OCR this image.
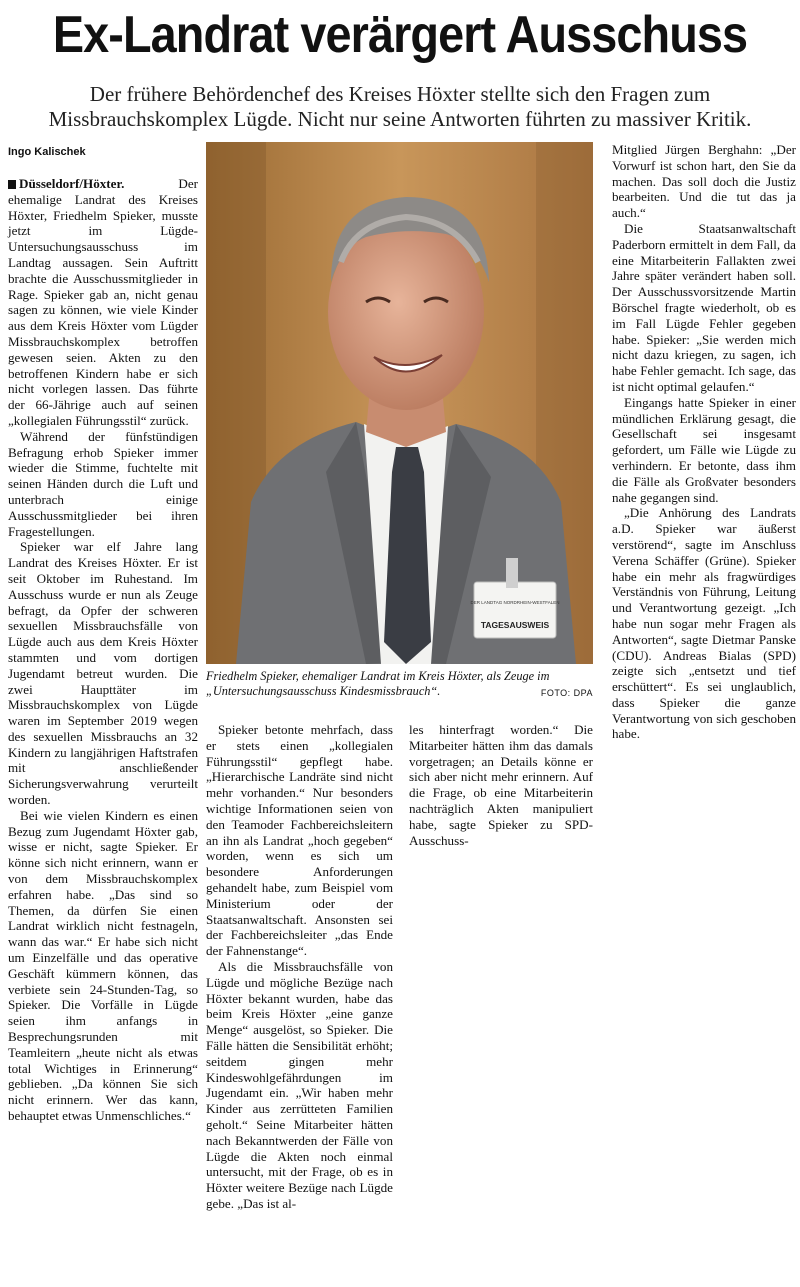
Ex-Landrat verärgert Ausschuss

Der frühere Behördenchef des Kreises Höxter stellte sich den Fragen zum Missbrauchskomplex Lügde. Nicht nur seine Antworten führten zu massiver Kritik.

Ingo Kalischek

Düsseldorf/Höxter.	Der ehemalige Landrat des Kreises Höxter, Friedhelm Spieker, musste jetzt im Lügde-Untersuchungsausschuss im Landtag aussagen. Sein Auftritt brachte die Ausschussmitglieder in Rage. Spieker gab an, nicht genau sagen zu können, wie viele Kinder aus dem Kreis Höxter vom Lügder Missbrauchskomplex betroffen gewesen seien. Akten zu den betroffenen Kindern habe er sich nicht vorlegen lassen. Das führte der 66-Jährige auch auf seinen „kollegialen Führungsstil“ zurück.

Während der fünfstündigen Befragung erhob Spieker immer wieder die Stimme, fuchtelte mit seinen Händen durch die Luft und unterbrach einige Ausschussmitglieder bei ihren Fragestellungen.

Spieker war elf Jahre lang Landrat des Kreises Höxter. Er ist seit Oktober im Ruhestand. Im Ausschuss wurde er nun als Zeuge befragt, da Opfer der schweren sexuellen Missbrauchsfälle von Lügde auch aus dem Kreis Höxter stammten und vom dortigen Jugendamt betreut wurden. Die zwei Haupttäter im Missbrauchskomplex von Lügde waren im September 2019 wegen des sexuellen Missbrauchs an 32 Kindern zu langjährigen Haftstrafen mit anschließender Sicherungsverwahrung verurteilt worden.

Bei wie vielen Kindern es einen Bezug zum Jugendamt Höxter gab, wisse er nicht, sagte Spieker. Er könne sich nicht erinnern, wann er von dem Missbrauchskomplex erfahren habe. „Das sind so Themen, da dürfen Sie einen Landrat wirklich nicht festnageln, wann das war.“ Er habe sich nicht um Einzelfälle und das operative Geschäft kümmern können, das verbiete sein 24-Stunden-Tag, so Spieker. Die Vorfälle in Lügde seien ihm anfangs in Besprechungsrunden mit Teamleitern „heute nicht als etwas total Wichtiges in Erinnerung“ geblieben. „Da können Sie sich nicht erinnern. Wer das kann, behauptet etwas Unmenschliches.“

DER LANDTAG NORDRHEIN-WESTFALEN
TAGESAUSWEIS

Friedhelm Spieker, ehemaliger Landrat im Kreis Höxter, als Zeuge im „Untersuchungsausschuss Kindesmissbrauch“.	FOTO: DPA

Spieker betonte mehrfach, dass er stets einen „kollegialen Führungsstil“ gepflegt habe. „Hierarchische Landräte sind nicht mehr vorhanden.“ Nur besonders wichtige Informationen seien von den Teamoder Fachbereichsleitern an ihn als Landrat „hoch gegeben“ worden, wenn es sich um besondere Anforderungen gehandelt habe, zum Beispiel vom Ministerium oder der Staatsanwaltschaft. Ansonsten sei der Fachbereichsleiter „das Ende der Fahnenstange“.

Als die Missbrauchsfälle von Lügde und mögliche Bezüge nach Höxter bekannt wurden, habe das beim Kreis Höxter „eine ganze Menge“ ausgelöst, so Spieker. Die Fälle hätten die Sensibilität erhöht; seitdem gingen mehr Kindeswohlgefährdungen im Jugendamt ein. „Wir haben mehr Kinder aus zerrütteten Familien geholt.“ Seine Mitarbeiter hätten nach Bekanntwerden der Fälle von Lügde die Akten noch einmal untersucht, mit der Frage, ob es in Höxter weitere Bezüge nach Lügde gebe. „Das ist al-

les hinterfragt worden.“ Die Mitarbeiter hätten ihm das damals vorgetragen; an Details könne er sich aber nicht mehr erinnern. Auf die Frage, ob eine Mitarbeiterin nachträglich Akten manipuliert habe, sagte Spieker zu SPD-Ausschuss-

Mitglied Jürgen Berghahn: „Der Vorwurf ist schon hart, den Sie da machen. Das soll doch die Justiz bearbeiten. Und die tut das ja auch.“

Die Staatsanwaltschaft Paderborn ermittelt in dem Fall, da eine Mitarbeiterin Fallakten zwei Jahre später verändert haben soll. Der Ausschussvorsitzende Martin Börschel fragte wiederholt, ob es im Fall Lügde Fehler gegeben habe. Spieker: „Sie werden mich nicht dazu kriegen, zu sagen, ich habe Fehler gemacht. Ich sage, das ist nicht optimal gelaufen.“

Eingangs hatte Spieker in einer mündlichen Erklärung gesagt, die Gesellschaft sei insgesamt gefordert, um Fälle wie Lügde zu verhindern. Er betonte, dass ihm die Fälle als Großvater besonders nahe gegangen sind.

„Die Anhörung des Landrats a.D. Spieker war äußerst verstörend“, sagte im Anschluss Verena Schäffer (Grüne). Spieker habe ein mehr als fragwürdiges Verständnis von Führung, Leitung und Verantwortung gezeigt. „Ich habe nun sogar mehr Fragen als Antworten“, sagte Dietmar Panske (CDU). Andreas Bialas (SPD) zeigte sich „entsetzt und tief erschüttert“. Es sei unglaublich, dass Spieker die ganze Verantwortung von sich geschoben habe.
